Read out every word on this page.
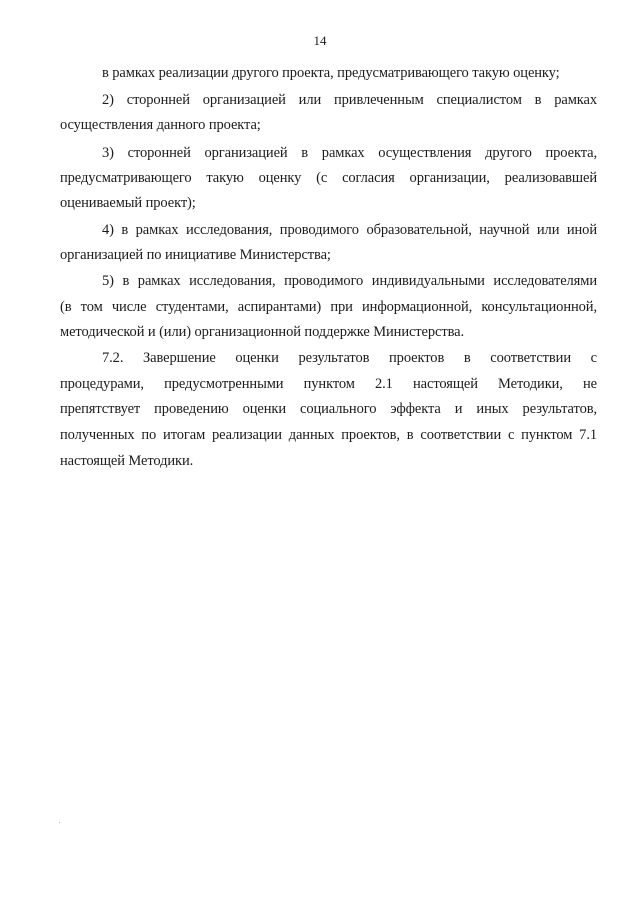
14
в рамках реализации другого проекта, предусматривающего такую оценку;
2) сторонней организацией или привлеченным специалистом в рамках
осуществления данного проекта;
3) сторонней организацией в рамках осуществления другого проекта,
предусматривающего такую оценку (с согласия организации, реализовавшей
оцениваемый проект);
4) в рамках исследования, проводимого образовательной, научной или иной
организацией по инициативе Министерства;
5) в рамках исследования, проводимого индивидуальными исследователями
(в том числе студентами, аспирантами) при информационной, консультационной,
методической и (или) организационной поддержке Министерства.
7.2. Завершение оценки результатов проектов в соответствии с
процедурами, предусмотренными пунктом 2.1 настоящей Методики, не
препятствует проведению оценки социального эффекта и иных результатов,
полученных по итогам реализации данных проектов, в соответствии с пунктом 7.1
настоящей Методики.
